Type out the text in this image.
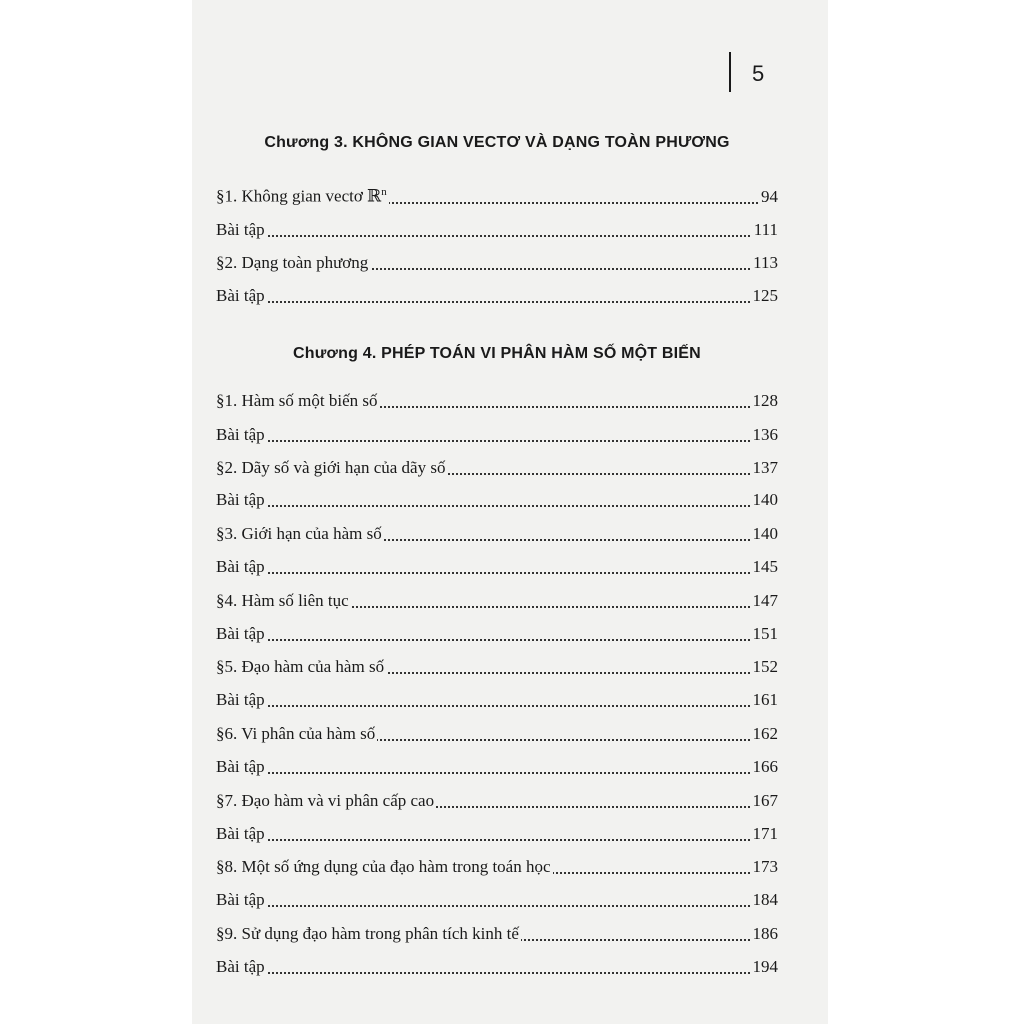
5
Chương 3. KHÔNG GIAN VECTƠ VÀ DẠNG TOÀN PHƯƠNG
§1. Không gian vectơ ℝ$^n$	94
Bài tập	111
§2. Dạng toàn phương	113
Bài tập	125
Chương 4. PHÉP TOÁN VI PHÂN HÀM SỐ MỘT BIẾN
§1. Hàm số một biến số	128
Bài tập	136
§2. Dãy số và giới hạn của dãy số	137
Bài tập	140
§3. Giới hạn của hàm số	140
Bài tập	145
§4. Hàm số liên tục	147
Bài tập	151
§5. Đạo hàm của hàm số	152
Bài tập	161
§6. Vi phân của hàm số	162
Bài tập	166
§7. Đạo hàm và vi phân cấp cao	167
Bài tập	171
§8. Một số ứng dụng của đạo hàm trong toán học	173
Bài tập	184
§9. Sử dụng đạo hàm trong phân tích kinh tế	186
Bài tập	194
